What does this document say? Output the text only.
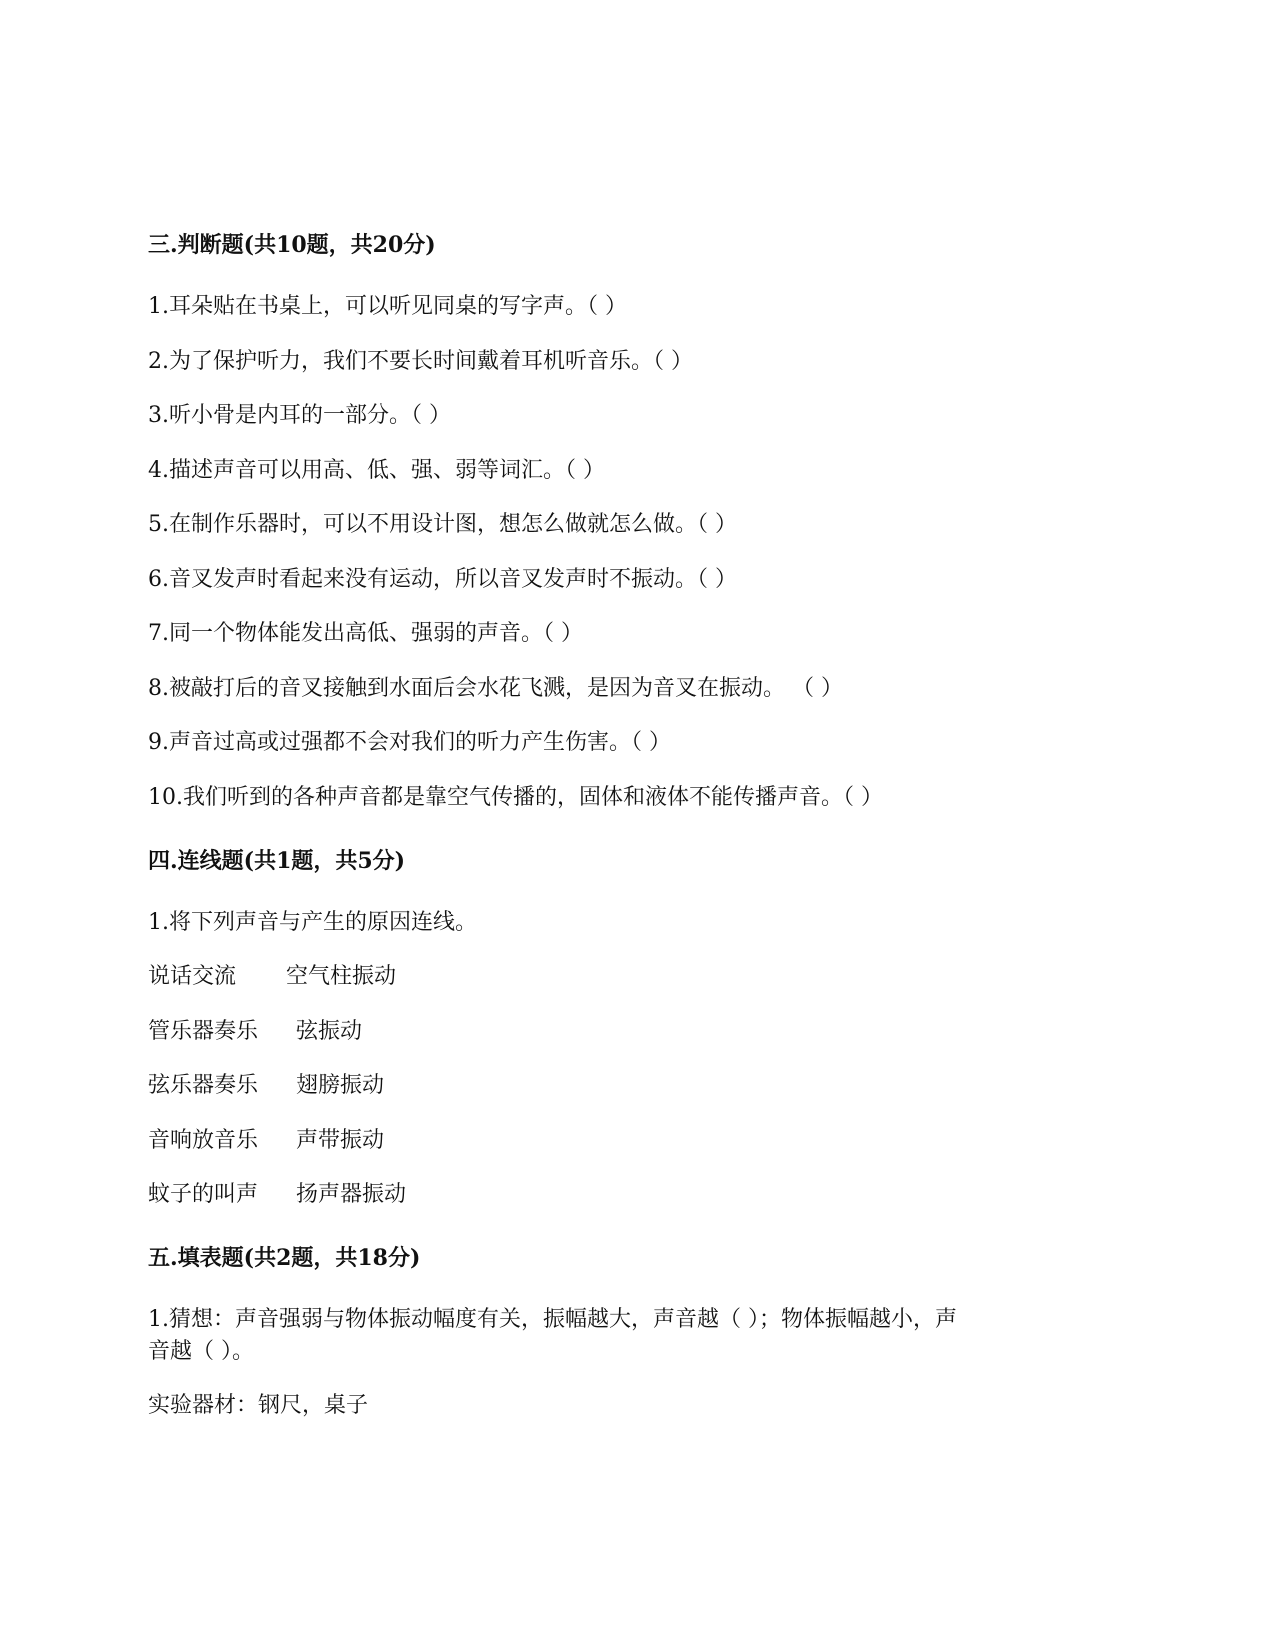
三.判断题(共10题，共20分)

1.耳朵贴在书桌上，可以听见同桌的写字声。（ ）

2.为了保护听力，我们不要长时间戴着耳机听音乐。（ ）

3.听小骨是内耳的一部分。（ ）

4.描述声音可以用高、低、强、弱等词汇。（ ）

5.在制作乐器时，可以不用设计图，想怎么做就怎么做。（ ）

6.音叉发声时看起来没有运动，所以音叉发声时不振动。（ ）

7.同一个物体能发出高低、强弱的声音。（ ）

8.被敲打后的音叉接触到水面后会水花飞溅，是因为音叉在振动。 （ ）

9.声音过高或过强都不会对我们的听力产生伤害。（ ）

10.我们听到的各种声音都是靠空气传播的，固体和液体不能传播声音。（ ）

四.连线题(共1题，共5分)

1.将下列声音与产生的原因连线。

说话交流 空气柱振动

管乐器奏乐 弦振动

弦乐器奏乐 翅膀振动

音响放音乐 声带振动

蚊子的叫声 扬声器振动

五.填表题(共2题，共18分)

1.猜想：声音强弱与物体振动幅度有关，振幅越大，声音越（ ）；物体振幅越小，声

音越（ ）。

实验器材：钢尺，桌子
